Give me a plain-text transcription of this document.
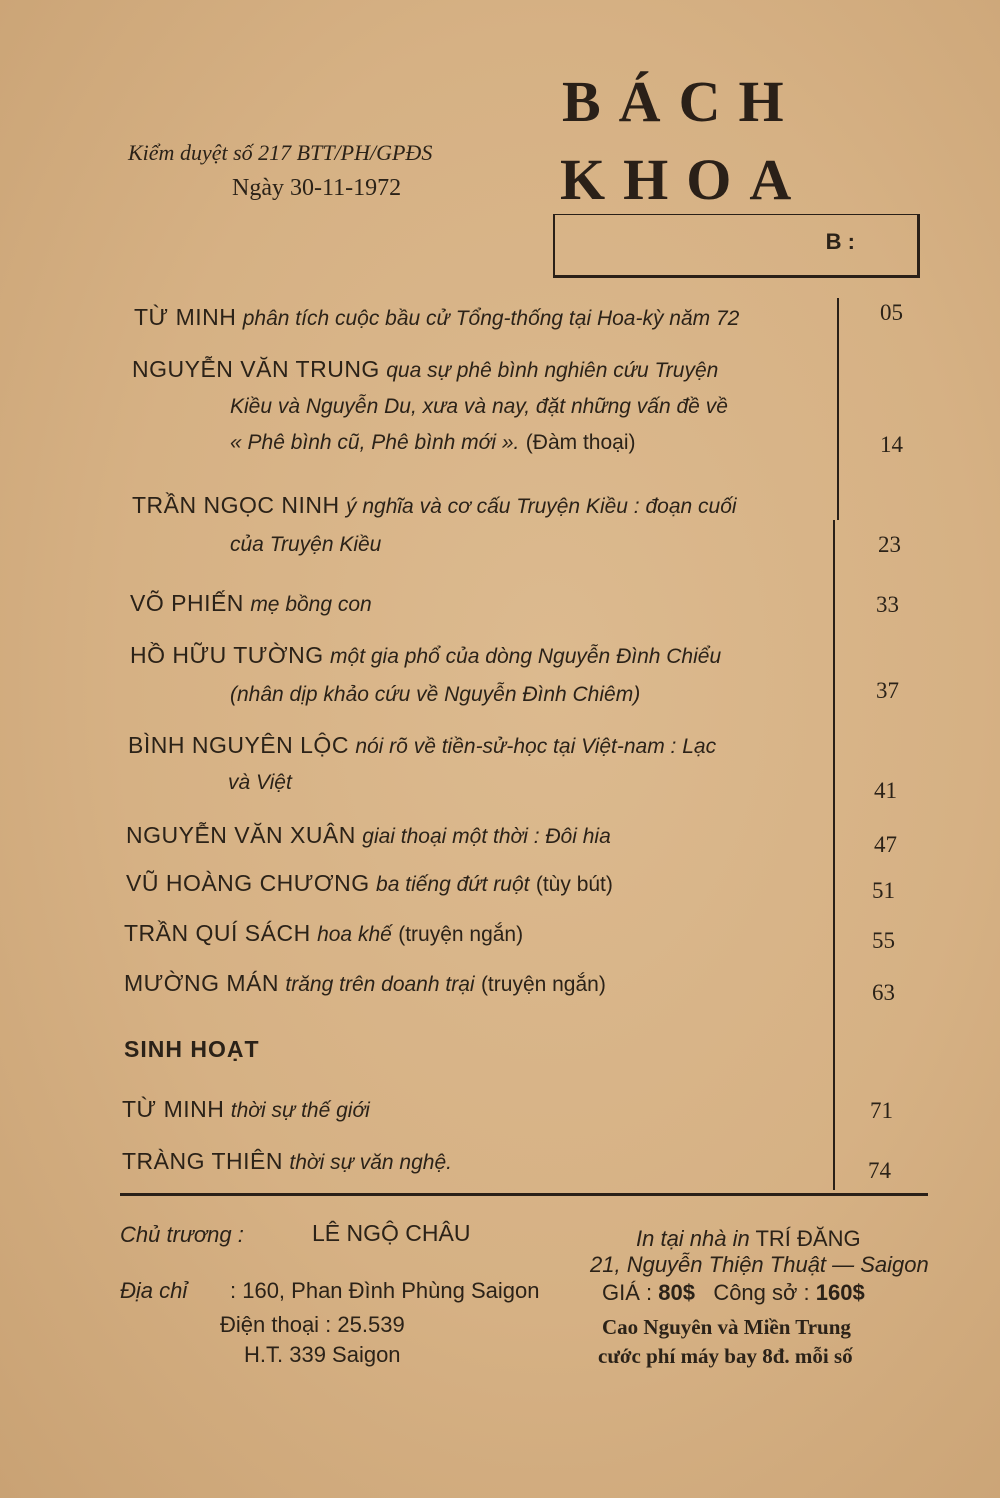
Kiểm duyệt số 217 BTT/PH/GPĐS
Ngày 30-11-1972
BÁCH
KHOA
B :
TỪ MINH phân tích cuộc bầu cử Tổng-thống tại Hoa-kỳ năm 72	05
NGUYỄN VĂN TRUNG qua sự phê bình nghiên cứu Truyện
Kiều và Nguyễn Du, xưa và nay, đặt những vấn đề về
« Phê bình cũ, Phê bình mới ». (Đàm thoại)	14
TRẦN NGỌC NINH ý nghĩa và cơ cấu Truyện Kiều : đoạn cuối
của Truyện Kiều	23
VÕ PHIẾN mẹ bồng con	33
HỒ HỮU TƯỜNG một gia phổ của dòng Nguyễn Đình Chiểu
(nhân dịp khảo cứu về Nguyễn Đình Chiêm)	37
BÌNH NGUYÊN LỘC nói rõ về tiền-sử-học tại Việt-nam : Lạc
và Việt	41
NGUYỄN VĂN XUÂN giai thoại một thời : Đôi hia	47
VŨ HOÀNG CHƯƠNG ba tiếng đứt ruột (tùy bút)	51
TRẦN QUÍ SÁCH hoa khế (truyện ngắn)	55
MƯỜNG MÁN trăng trên doanh trại (truyện ngắn)	63
SINH HOẠT
TỪ MINH thời sự thế giới	71
TRÀNG THIÊN thời sự văn nghệ.	74
Chủ trương :	LÊ NGỘ CHÂU
Địa chỉ : 160, Phan Đình Phùng Saigon
Điện thoại : 25.539
H.T. 339 Saigon
In tại nhà in TRÍ ĐĂNG
21, Nguyễn Thiện Thuật — Saigon
GIÁ : 80$ Công sở : 160$
Cao Nguyên và Miền Trung
cước phí máy bay 8đ. mỗi số
